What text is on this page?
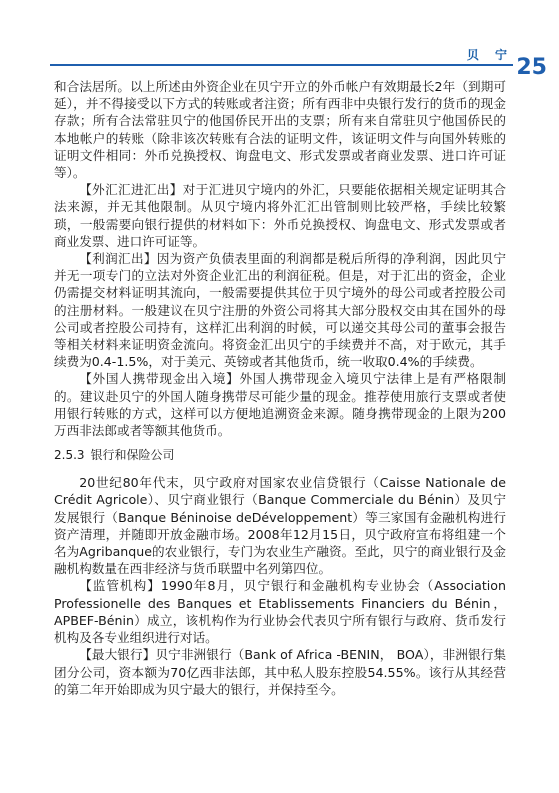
贝 宁 25

和合法居所。以上所述由外资企业在贝宁开立的外币帐户有效期最长2年（到期可延），并不得接受以下方式的转账或者注资；所有西非中央银行发行的货币的现金存款；所有合法常驻贝宁的他国侨民开出的支票；所有来自常驻贝宁他国侨民的本地帐户的转账（除非该次转账有合法的证明文件，该证明文件与向国外转账的证明文件相同：外币兑换授权、询盘电文、形式发票或者商业发票、进口许可证等）。

【外汇汇进汇出】对于汇进贝宁境内的外汇，只要能依据相关规定证明其合法来源，并无其他限制。从贝宁境内将外汇汇出管制则比较严格，手续比较繁琐，一般需要向银行提供的材料如下：外币兑换授权、询盘电文、形式发票或者商业发票、进口许可证等。

【利润汇出】因为资产负债表里面的利润都是税后所得的净利润，因此贝宁并无一项专门的立法对外资企业汇出的利润征税。但是，对于汇出的资金，企业仍需提交材料证明其流向，一般需要提供其位于贝宁境外的母公司或者控股公司的注册材料。一般建议在贝宁注册的外资公司将其大部分股权交由其在国外的母公司或者控股公司持有，这样汇出利润的时候，可以递交其母公司的董事会报告等相关材料来证明资金流向。将资金汇出贝宁的手续费并不高，对于欧元，其手续费为0.4-1.5%，对于美元、英镑或者其他货币，统一收取0.4%的手续费。

【外国人携带现金出入境】外国人携带现金入境贝宁法律上是有严格限制的。建议赴贝宁的外国人随身携带尽可能少量的现金。推荐使用旅行支票或者使用银行转账的方式，这样可以方便地追溯资金来源。随身携带现金的上限为200万西非法郎或者等额其他货币。

2.5.3 银行和保险公司

20世纪80年代末，贝宁政府对国家农业信贷银行（Caisse Nationale de Crédit Agricole）、贝宁商业银行（Banque Commerciale du Bénin）及贝宁发展银行（Banque Béninoise deDéveloppement）等三家国有金融机构进行资产清理，并随即开放金融市场。2008年12月15日，贝宁政府宣布将组建一个名为Agribanque的农业银行，专门为农业生产融资。至此，贝宁的商业银行及金融机构数量在西非经济与货币联盟中名列第四位。

【监管机构】1990年8月，贝宁银行和金融机构专业协会（Association Professionelle des Banques et Etablissements Financiers du Bénin，APBEF-Bénin）成立，该机构作为行业协会代表贝宁所有银行与政府、货币发行机构及各专业组织进行对话。

【最大银行】贝宁非洲银行（Bank of Africa -BENIN， BOA），非洲银行集团分公司，资本额为70亿西非法郎，其中私人股东控股54.55%。该行从其经营的第二年开始即成为贝宁最大的银行，并保持至今。
